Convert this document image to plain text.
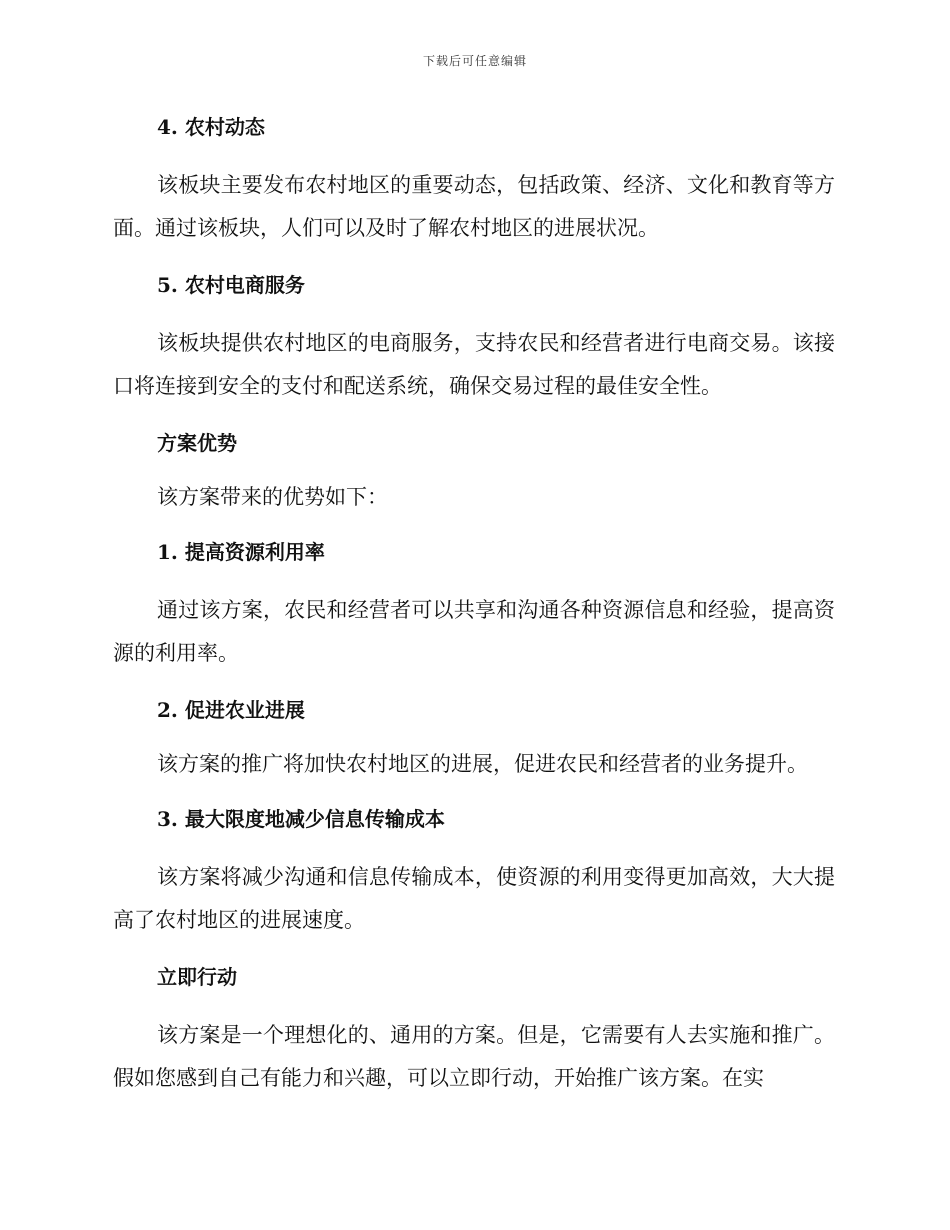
下载后可任意编辑
4. 农村动态

该板块主要发布农村地区的重要动态，包括政策、经济、文化和教育等方面。通过该板块，人们可以及时了解农村地区的进展状况。

5. 农村电商服务

该板块提供农村地区的电商服务，支持农民和经营者进行电商交易。该接口将连接到安全的支付和配送系统，确保交易过程的最佳安全性。

方案优势

该方案带来的优势如下：

1. 提高资源利用率

通过该方案，农民和经营者可以共享和沟通各种资源信息和经验，提高资源的利用率。

2. 促进农业进展

该方案的推广将加快农村地区的进展，促进农民和经营者的业务提升。

3. 最大限度地减少信息传输成本

该方案将减少沟通和信息传输成本，使资源的利用变得更加高效，大大提高了农村地区的进展速度。

立即行动

该方案是一个理想化的、通用的方案。但是，它需要有人去实施和推广。假如您感到自己有能力和兴趣，可以立即行动，开始推广该方案。在实
